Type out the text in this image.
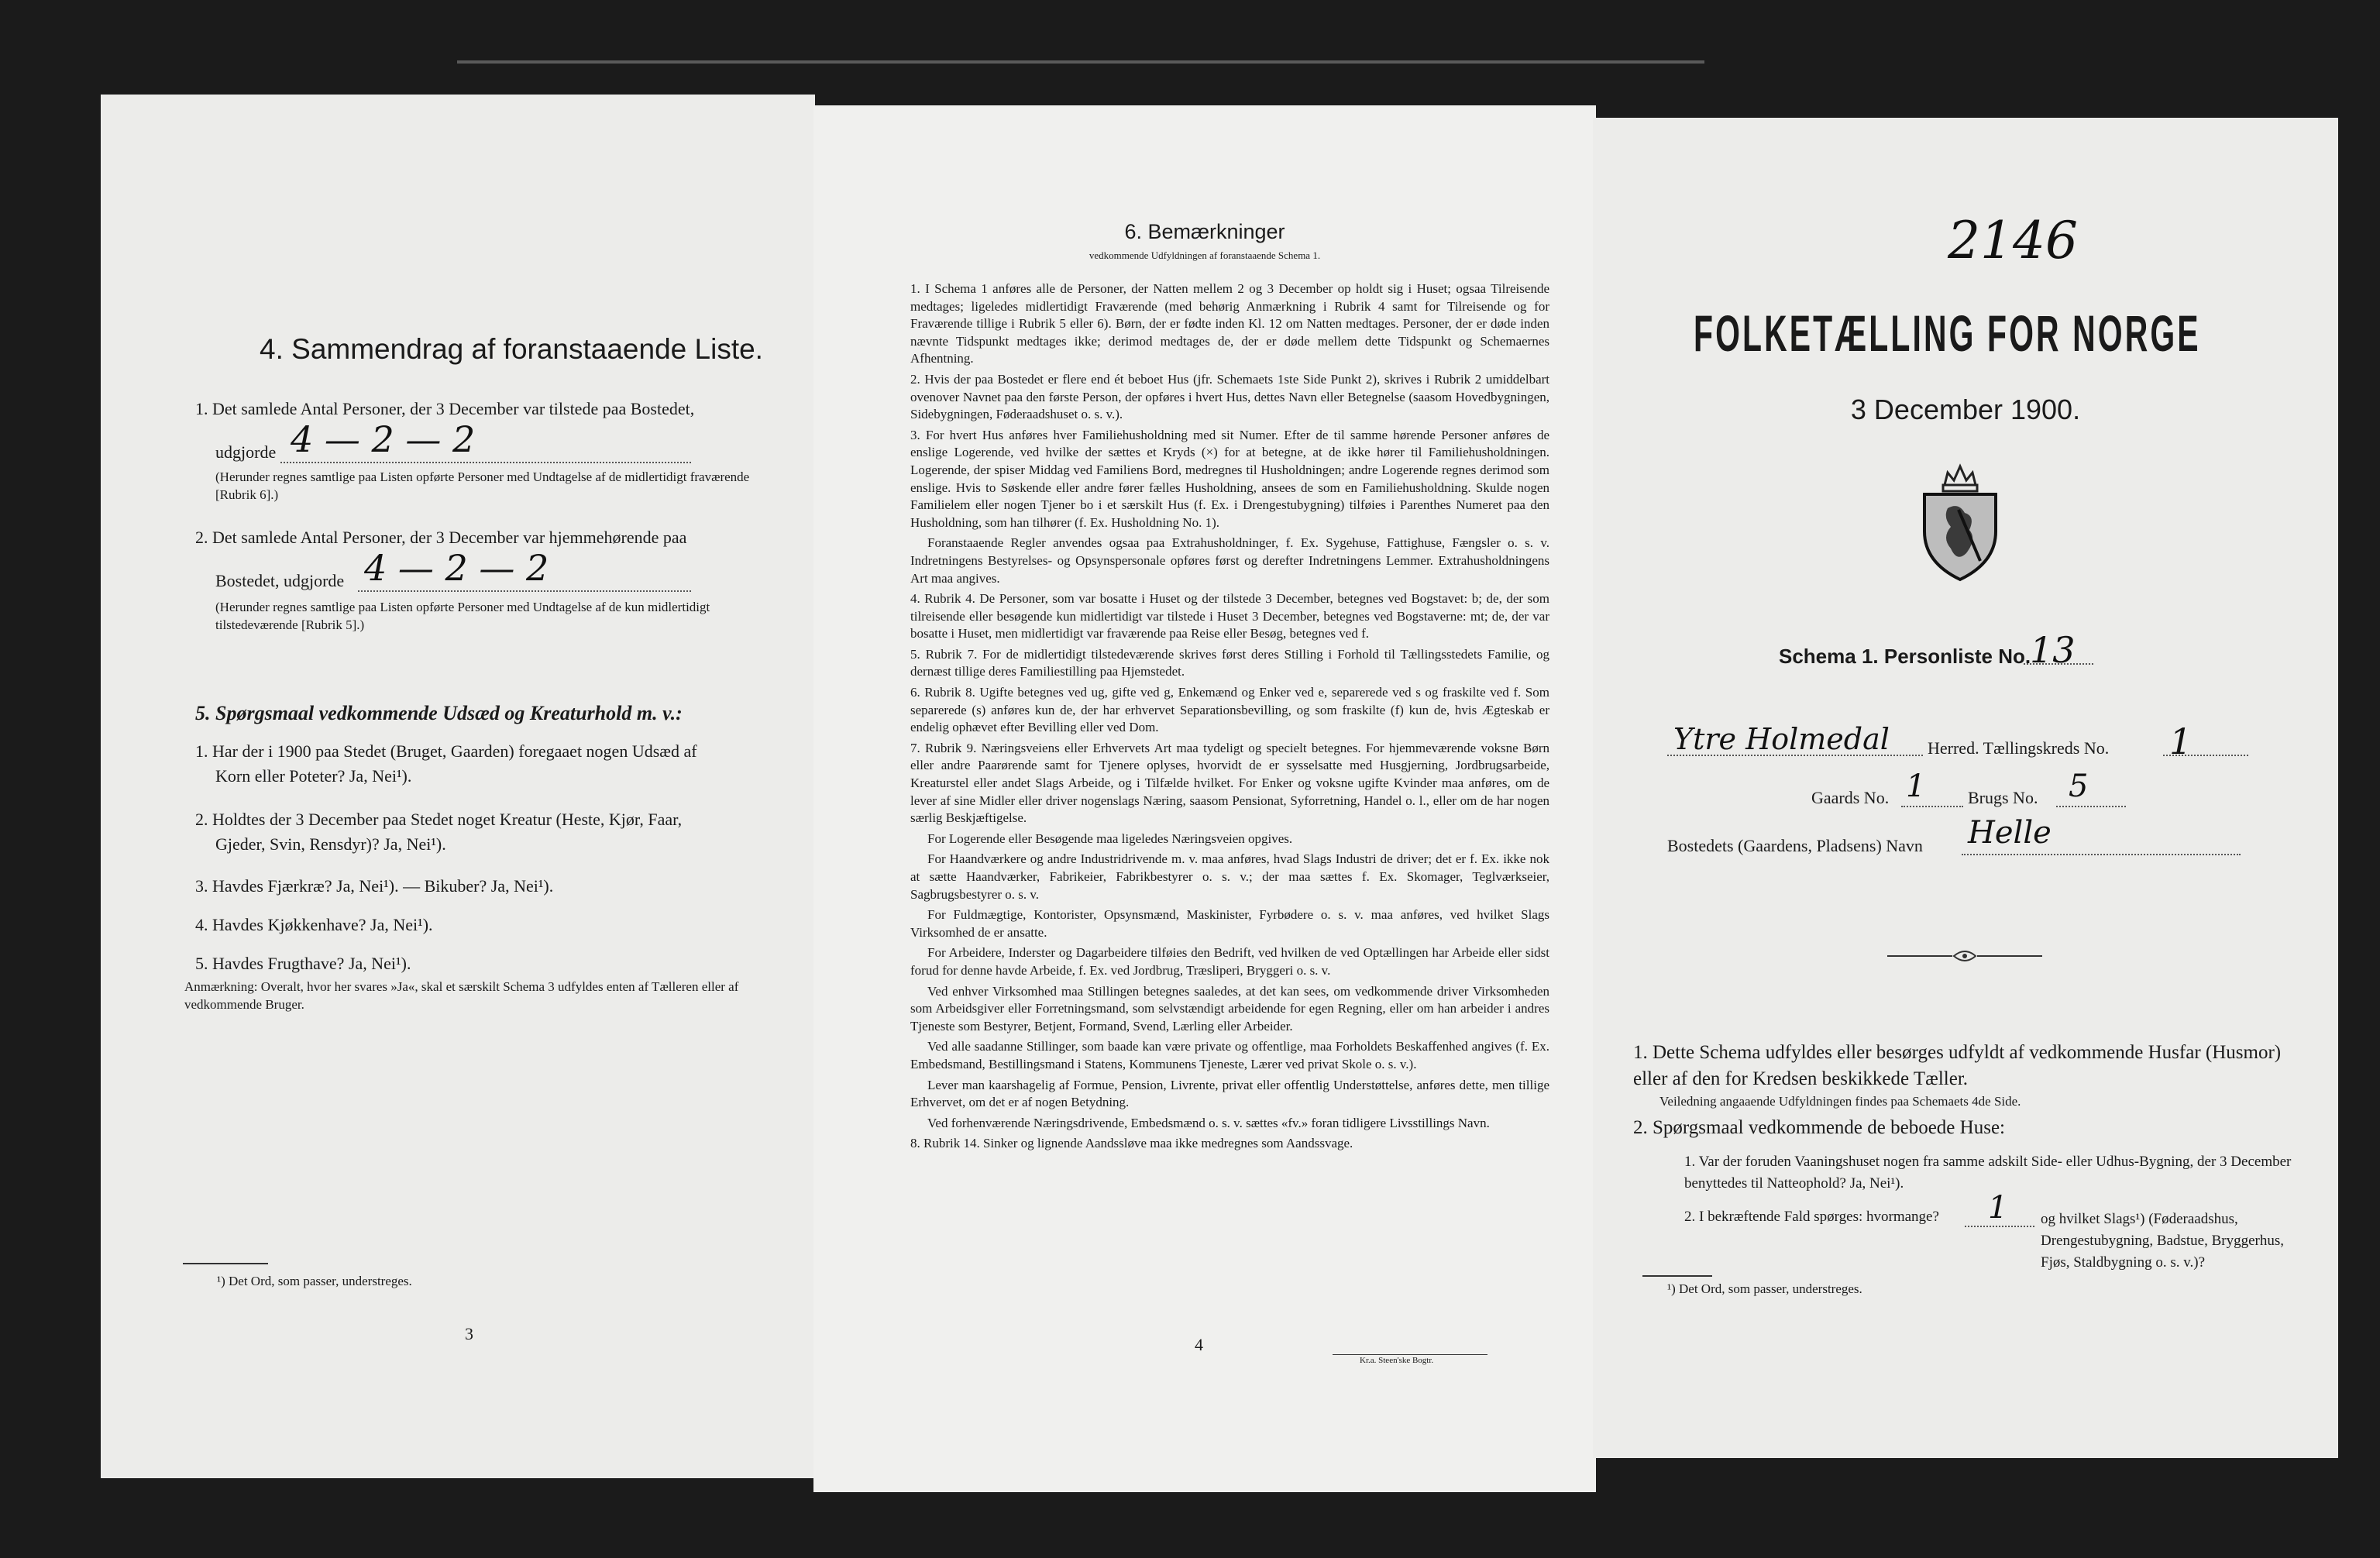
4. Sammendrag af foranstaaende Liste.
1. Det samlede Antal Personer, der 3 December var tilstede paa Bostedet,
udgjorde 4 — 2 — 2
(Herunder regnes samtlige paa Listen opførte Personer med Undtagelse af de midlertidigt fraværende [Rubrik 6].)
2. Det samlede Antal Personer, der 3 December var hjemmehørende paa
Bostedet, udgjorde 4 — 2 — 2
(Herunder regnes samtlige paa Listen opførte Personer med Undtagelse af de kun midlertidigt tilstedeværende [Rubrik 5].)
5. Spørgsmaal vedkommende Udsæd og Kreaturhold m. v.:
1. Har der i 1900 paa Stedet (Bruget, Gaarden) foregaaet nogen Udsæd af
Korn eller Poteter? Ja, Nei¹).
2. Holdtes der 3 December paa Stedet noget Kreatur (Heste, Kjør, Faar,
Gjeder, Svin, Rensdyr)? Ja, Nei¹).
3. Havdes Fjærkræ? Ja, Nei¹). — Bikuber? Ja, Nei¹).
4. Havdes Kjøkkenhave? Ja, Nei¹).
5. Havdes Frugthave? Ja, Nei¹).
Anmærkning: Overalt, hvor her svares »Ja«, skal et særskilt Schema 3 udfyldes enten af Tælleren eller af vedkommende Bruger.
¹) Det Ord, som passer, understreges.
3
6. Bemærkninger
vedkommende Udfyldningen af foranstaaende Schema 1.
1. I Schema 1 anføres alle de Personer, der Natten mellem 2 og 3 December op holdt sig i Huset; ogsaa Tilreisende medtages; ligeledes midlertidigt Fraværende (med behørig Anmærkning i Rubrik 4 samt for Tilreisende og for Fraværende tillige i Rubrik 5 eller 6). Børn, der er fødte inden Kl. 12 om Natten medtages. Personer, der er døde inden nævnte Tidspunkt medtages ikke; derimod medtages de, der er døde mellem dette Tidspunkt og Schemaernes Afhentning.
2. Hvis der paa Bostedet er flere end ét beboet Hus (jfr. Schemaets 1ste Side Punkt 2), skrives i Rubrik 2 umiddelbart ovenover Navnet paa den første Person, der opføres i hvert Hus, dettes Navn eller Betegnelse (saasom Hovedbygningen, Sidebygningen, Føderaadshuset o. s. v.).
3. For hvert Hus anføres hver Familiehusholdning med sit Numer. Efter de til samme hørende Personer anføres de enslige Logerende, ved hvilke der sættes et Kryds (×) for at betegne, at de ikke hører til Familiehusholdningen. Logerende, der spiser Middag ved Familiens Bord, medregnes til Husholdningen; andre Logerende regnes derimod som enslige. Hvis to Søskende eller andre fører fælles Husholdning, ansees de som en Familiehusholdning. Skulde nogen Familielem eller nogen Tjener bo i et særskilt Hus (f. Ex. i Drengestubygning) tilføies i Parenthes Numeret paa den Husholdning, som han tilhører (f. Ex. Husholdning No. 1).
Foranstaaende Regler anvendes ogsaa paa Extrahusholdninger, f. Ex. Sygehuse, Fattighuse, Fængsler o. s. v. Indretningens Bestyrelses- og Opsynspersonale opføres først og derefter Indretningens Lemmer. Extrahusholdningens Art maa angives.
4. Rubrik 4. De Personer, som var bosatte i Huset og der tilstede 3 December, betegnes ved Bogstavet: b; de, der som tilreisende eller besøgende kun midlertidigt var tilstede i Huset 3 December, betegnes ved Bogstaverne: mt; de, der var bosatte i Huset, men midlertidigt var fraværende paa Reise eller Besøg, betegnes ved f.
5. Rubrik 7. For de midlertidigt tilstedeværende skrives først deres Stilling i Forhold til Tællingsstedets Familie, og dernæst tillige deres Familiestilling paa Hjemstedet.
6. Rubrik 8. Ugifte betegnes ved ug, gifte ved g, Enkemænd og Enker ved e, separerede ved s og fraskilte ved f. Som separerede (s) anføres kun de, der har erhvervet Separationsbevilling, og som fraskilte (f) kun de, hvis Ægteskab er endelig ophævet efter Bevilling eller ved Dom.
7. Rubrik 9. Næringsveiens eller Erhvervets Art maa tydeligt og specielt betegnes. For hjemmeværende voksne Børn eller andre Paarørende samt for Tjenere oplyses, hvorvidt de er sysselsatte med Husgjerning, Jordbrugsarbeide, Kreaturstel eller andet Slags Arbeide, og i Tilfælde hvilket. For Enker og voksne ugifte Kvinder maa anføres, om de lever af sine Midler eller driver nogenslags Næring, saasom Pensionat, Syforretning, Handel o. l., eller om de har nogen særlig Beskjæftigelse.
For Logerende eller Besøgende maa ligeledes Næringsveien opgives.
For Haandværkere og andre Industridrivende m. v. maa anføres, hvad Slags Industri de driver; det er f. Ex. ikke nok at sætte Haandværker, Fabrikeier, Fabrikbestyrer o. s. v.; der maa sættes f. Ex. Skomager, Teglværkseier, Sagbrugsbestyrer o. s. v.
For Fuldmægtige, Kontorister, Opsynsmænd, Maskinister, Fyrbødere o. s. v. maa anføres, ved hvilket Slags Virksomhed de er ansatte.
For Arbeidere, Inderster og Dagarbeidere tilføies den Bedrift, ved hvilken de ved Optællingen har Arbeide eller sidst forud for denne havde Arbeide, f. Ex. ved Jordbrug, Træsliperi, Bryggeri o. s. v.
Ved enhver Virksomhed maa Stillingen betegnes saaledes, at det kan sees, om vedkommende driver Virksomheden som Arbeidsgiver eller Forretningsmand, som selvstændigt arbeidende for egen Regning, eller om han arbeider i andres Tjeneste som Bestyrer, Betjent, Formand, Svend, Lærling eller Arbeider.
Ved alle saadanne Stillinger, som baade kan være private og offentlige, maa Forholdets Beskaffenhed angives (f. Ex. Embedsmand, Bestillingsmand i Statens, Kommunens Tjeneste, Lærer ved privat Skole o. s. v.).
Lever man kaarshagelig af Formue, Pension, Livrente, privat eller offentlig Understøttelse, anføres dette, men tillige Erhvervet, om det er af nogen Betydning.
Ved forhenværende Næringsdrivende, Embedsmænd o. s. v. sættes «fv.» foran tidligere Livsstillings Navn.
8. Rubrik 14. Sinker og lignende Aandssløve maa ikke medregnes som Aandssvage.
4
Kr.a. Steen'ske Bogtr.
2146
FOLKETÆLLING FOR NORGE
3 December 1900.
Schema 1. Personliste No.
13
Ytre Holmedal Herred. Tællingskreds No. 1
Gaards No. 1 Brugs No. 5
Bostedets (Gaardens, Pladsens) Navn Helle
1. Dette Schema udfyldes eller besørges udfyldt af vedkommende Husfar (Husmor) eller af den for Kredsen beskikkede Tæller.
Veiledning angaaende Udfyldningen findes paa Schemaets 4de Side.
2. Spørgsmaal vedkommende de beboede Huse:
1. Var der foruden Vaaningshuset nogen fra samme adskilt Side- eller Udhus-Bygning, der 3 December benyttedes til Natteophold? Ja, Nei¹).
2. I bekræftende Fald spørges: hvormange? 1 og hvilket Slags¹) (Føderaadshus, Drengestubygning, Badstue, Bryggerhus, Fjøs, Staldbygning o. s. v.)?
¹) Det Ord, som passer, understreges.
